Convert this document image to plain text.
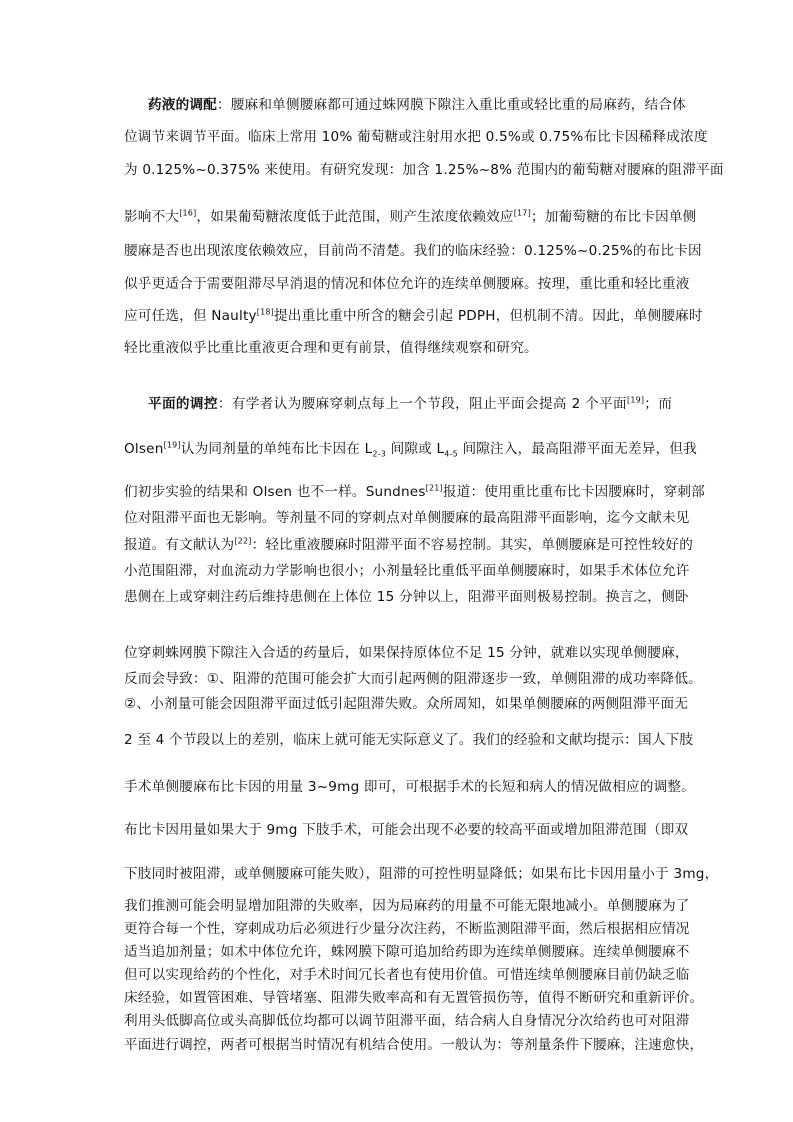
药液的调配：腰麻和单侧腰麻都可通过蛛网膜下隙注入重比重或轻比重的局麻药，结合体
位调节来调节平面。临床上常用 10% 葡萄糖或注射用水把 0.5%或 0.75%布比卡因稀释成浓度
为 0.125%~0.375% 来使用。有研究发现：加含 1.25%~8% 范围内的葡萄糖对腰麻的阻滞平面
影响不大[16]，如果葡萄糖浓度低于此范围，则产生浓度依赖效应[17]；加葡萄糖的布比卡因单侧
腰麻是否也出现浓度依赖效应，目前尚不清楚。我们的临床经验：0.125%~0.25%的布比卡因
似乎更适合于需要阻滞尽早消退的情况和体位允许的连续单侧腰麻。按理，重比重和轻比重液
应可任选，但 Naulty[18]提出重比重中所含的糖会引起 PDPH，但机制不清。因此，单侧腰麻时
轻比重液似乎比重比重液更合理和更有前景，值得继续观察和研究。
平面的调控：有学者认为腰麻穿刺点每上一个节段，阻止平面会提高 2 个平面[19]；而
Olsen[19]认为同剂量的单纯布比卡因在 $L_{2-3}$ 间隙或 $L_{4-5}$ 间隙注入，最高阻滞平面无差异，但我
们初步实验的结果和 Olsen 也不一样。Sundnes[21]报道：使用重比重布比卡因腰麻时，穿刺部
位对阻滞平面也无影响。等剂量不同的穿刺点对单侧腰麻的最高阻滞平面影响，迄今文献未见
报道。有文献认为[22]：轻比重液腰麻时阻滞平面不容易控制。其实，单侧腰麻是可控性较好的
小范围阻滞，对血流动力学影响也很小；小剂量轻比重低平面单侧腰麻时，如果手术体位允许
患侧在上或穿刺注药后维持患侧在上体位 15 分钟以上，阻滞平面则极易控制。换言之，侧卧
位穿刺蛛网膜下隙注入合适的药量后，如果保持原体位不足 15 分钟，就难以实现单侧腰麻，
反而会导致：①、阻滞的范围可能会扩大而引起两侧的阻滞逐步一致，单侧阻滞的成功率降低。
②、小剂量可能会因阻滞平面过低引起阻滞失败。众所周知，如果单侧腰麻的两侧阻滞平面无
2 至 4 个节段以上的差别，临床上就可能无实际意义了。我们的经验和文献均提示：国人下肢
手术单侧腰麻布比卡因的用量 3~9mg 即可，可根据手术的长短和病人的情况做相应的调整。
布比卡因用量如果大于 9mg 下肢手术，可能会出现不必要的较高平面或增加阻滞范围（即双
下肢同时被阻滞，或单侧腰麻可能失败），阻滞的可控性明显降低；如果布比卡因用量小于 3mg，
我们推测可能会明显增加阻滞的失败率，因为局麻药的用量不可能无限地减小。单侧腰麻为了
更符合每一个性，穿刺成功后必须进行少量分次注药，不断监测阻滞平面，然后根据相应情况
适当追加剂量；如术中体位允许，蛛网膜下隙可追加给药即为连续单侧腰麻。连续单侧腰麻不
但可以实现给药的个性化，对手术时间冗长者也有使用价值。可惜连续单侧腰麻目前仍缺乏临
床经验，如置管困难、导管堵塞、阻滞失败率高和有无置管损伤等，值得不断研究和重新评价。
利用头低脚高位或头高脚低位均都可以调节阻滞平面，结合病人自身情况分次给药也可对阻滞
平面进行调控，两者可根据当时情况有机结合使用。一般认为：等剂量条件下腰麻，注速愈快，
